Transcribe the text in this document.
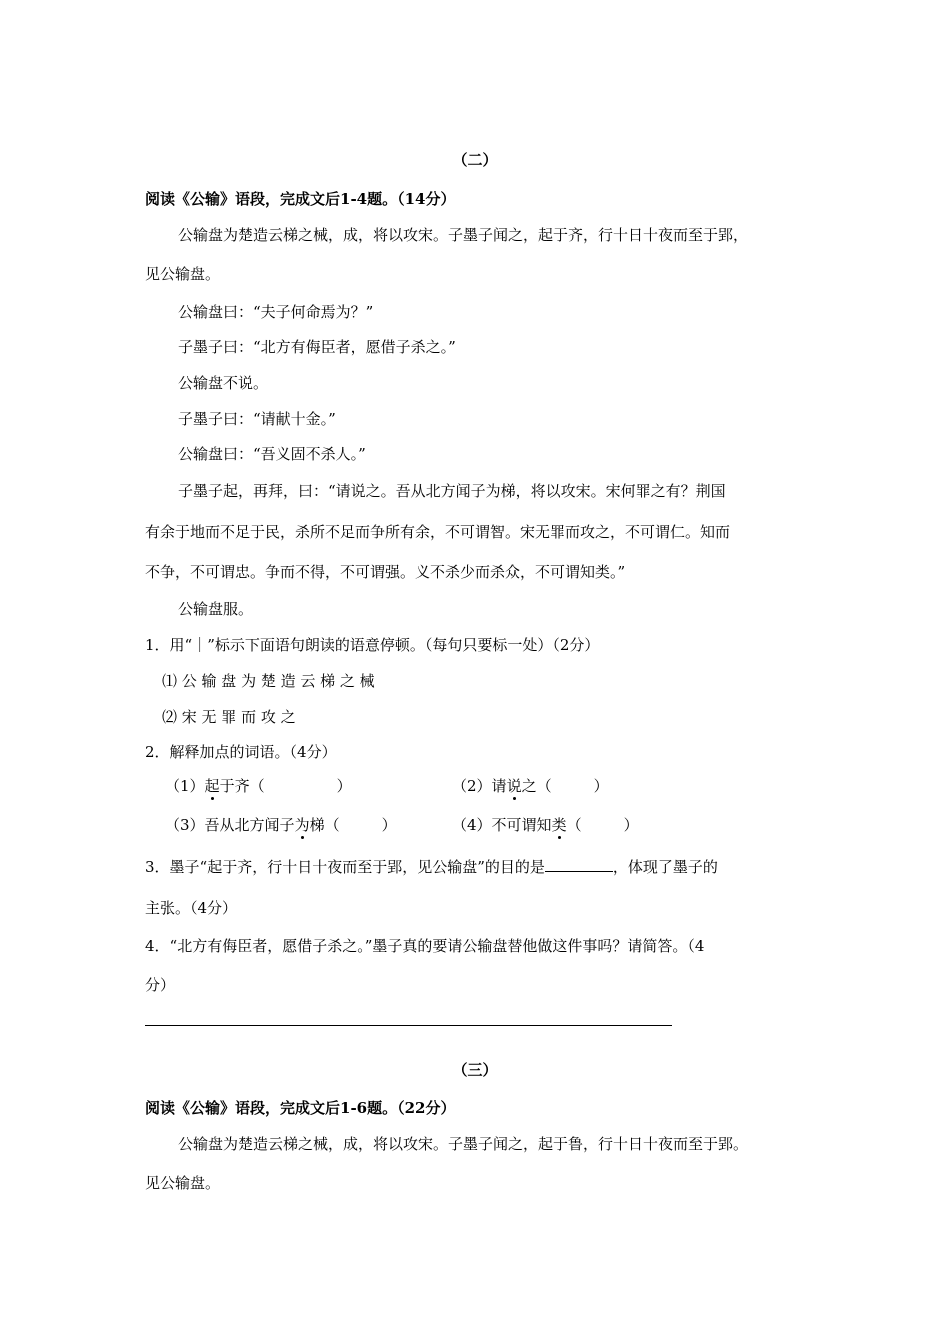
（二）
阅读《公输》语段，完成文后1-4题。（14分）
公输盘为楚造云梯之械，成，将以攻宋。子墨子闻之，起于齐，行十日十夜而至于郢，
见公输盘。
公输盘曰：“夫子何命焉为？”
子墨子曰：“北方有侮臣者，愿借子杀之。”
公输盘不说。
子墨子曰：“请献十金。”
公输盘曰：“吾义固不杀人。”
子墨子起，再拜，曰：“请说之。吾从北方闻子为梯，将以攻宋。宋何罪之有？荆国
有余于地而不足于民，杀所不足而争所有余，不可谓智。宋无罪而攻之，不可谓仁。知而
不争，不可谓忠。争而不得，不可谓强。义不杀少而杀众，不可谓知类。”
公输盘服。
1．用“｜”标示下面语句朗读的语意停顿。（每句只要标一处）（2分）
⑴ 公 输 盘 为 楚 造 云 梯 之 械
⑵ 宋 无 罪 而 攻 之
2．解释加点的词语。（4分）
（1）起于齐（	）	（2）请说之（	）
（3）吾从北方闻子为梯（	）	（4）不可谓知类（	）
3．墨子“起于齐，行十日十夜而至于郢，见公输盘”的目的是	，体现了墨子的
主张。（4分）
4．“北方有侮臣者，愿借子杀之。”墨子真的要请公输盘替他做这件事吗？请简答。（4
分）
（三）
阅读《公输》语段，完成文后1-6题。（22分）
公输盘为楚造云梯之械，成，将以攻宋。子墨子闻之，起于鲁，行十日十夜而至于郢。
见公输盘。
